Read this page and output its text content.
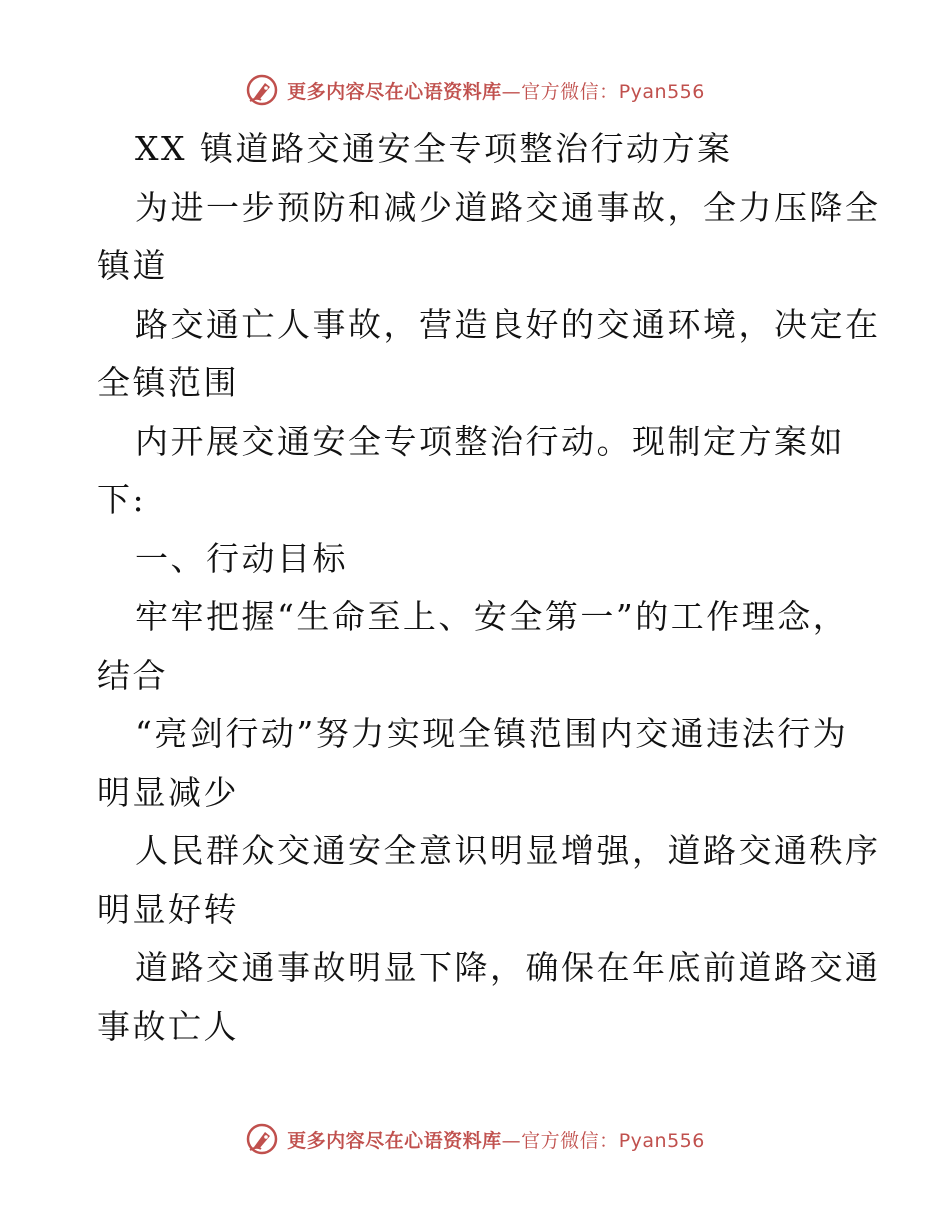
更多内容尽在心语资料库—官方微信：Pyan556
XX 镇道路交通安全专项整治行动方案
为进一步预防和减少道路交通事故，全力压降全
镇道
路交通亡人事故，营造良好的交通环境，决定在
全镇范围
内开展交通安全专项整治行动。现制定方案如
下:
一、行动目标
牢牢把握“生命至上、安全第一”的工作理念，
结合
“亮剑行动”努力实现全镇范围内交通违法行为
明显减少
人民群众交通安全意识明显增强，道路交通秩序
明显好转
道路交通事故明显下降，确保在年底前道路交通
事故亡人
更多内容尽在心语资料库—官方微信：Pyan556
